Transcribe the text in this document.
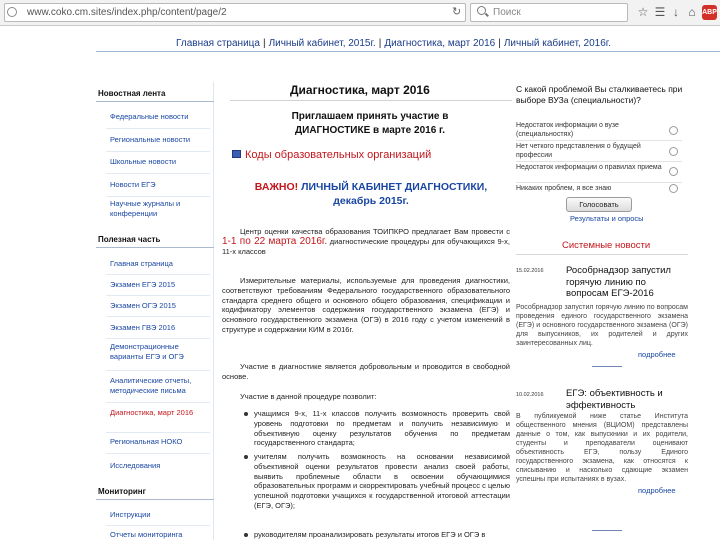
www.coko.cm.sites/index.php/content/page/2	↻	Поиск	☆ ☰ ↓ ⌂ ABP
Главная страница | Личный кабинет, 2015г. | Диагностика, март 2016 | Личный кабинет, 2016г.
Новостная лента
Федеральные новости
Региональные новости
Школьные новости
Новости ЕГЭ
Научные журналы и конференции
Полезная часть
Главная страница
Экзамен ЕГЭ 2015
Экзамен ОГЭ 2015
Экзамен ГВЭ 2016
Демонстрационные варианты ЕГЭ и ОГЭ
Аналитические отчеты, методические письма
Диагностика, март 2016
Региональная НОКО
Исследования
Мониторинг
Инструкции
Отчеты мониторинга
Диагностика, март 2016
Приглашаем принять участие в
ДИАГНОСТИКЕ в марте 2016 г.
Коды образовательных организаций
ВАЖНО! ЛИЧНЫЙ КАБИНЕТ ДИАГНОСТИКИ,
декабрь 2015г.
Центр оценки качества образования ТОИПКРО предлагает Вам провести с 1-1 по 22 марта 2016г. диагностические процедуры для обучающихся 9-х, 11-х классов
Измерительные материалы, используемые для проведения диагностики, соответствуют требованиям Федерального государственного образовательного стандарта среднего общего и основного общего образования, спецификации и кодификатору элементов содержания государственного экзамена (ЕГЭ) и основного государственного экзамена (ОГЭ) в 2016 году с учетом изменений в структуре и содержании КИМ в 2016г.
Участие в диагностике является добровольным и проводится в свободной основе.
Участие в данной процедуре позволит:
учащимся 9-х, 11-х классов получить возможность проверить свой уровень подготовки по предметам и получить независимую и объективную оценку результатов обучения по предметам государственного стандарта;
учителям получить возможность на основании независимой объективной оценки результатов провести анализ своей работы, выявить проблемные области в освоении обучающимися образовательных программ и скорректировать учебный процесс с целью успешной подготовки учащихся к государственной итоговой аттестации (ЕГЭ, ОГЭ);
руководителям проанализировать результаты итогов ЕГЭ и ОГЭ в
С какой проблемой Вы сталкиваетесь при выборе ВУЗа (специальности)?
Недостаток информации о вузе (специальностях)
Нет четкого представления о будущей профессии
Недостаток информации о правилах приема
Никаких проблем, я все знаю
Голосовать
Результаты и опросы
Системные новости
15.02.2016 Рособрнадзор запустил горячую линию по вопросам ЕГЭ-2016
Рособрнадзор запустил горячую линию по вопросам проведения единого государственного экзамена (ЕГЭ) и основного государственного экзамена (ОГЭ) для выпускников, их родителей и других заинтересованных лиц.
подробнее
10.02.2016 ЕГЭ: объективность и эффективность
В публикуемой ниже статье Института общественного мнения (ВЦИОМ) представлены данные о том, как выпускники и их родители, студенты и преподаватели оценивают объективность ЕГЭ, пользу Единого государственного экзамена, как относятся к списыванию и насколько сдающие экзамен успешны при испытаниях в вузах.
подробнее
